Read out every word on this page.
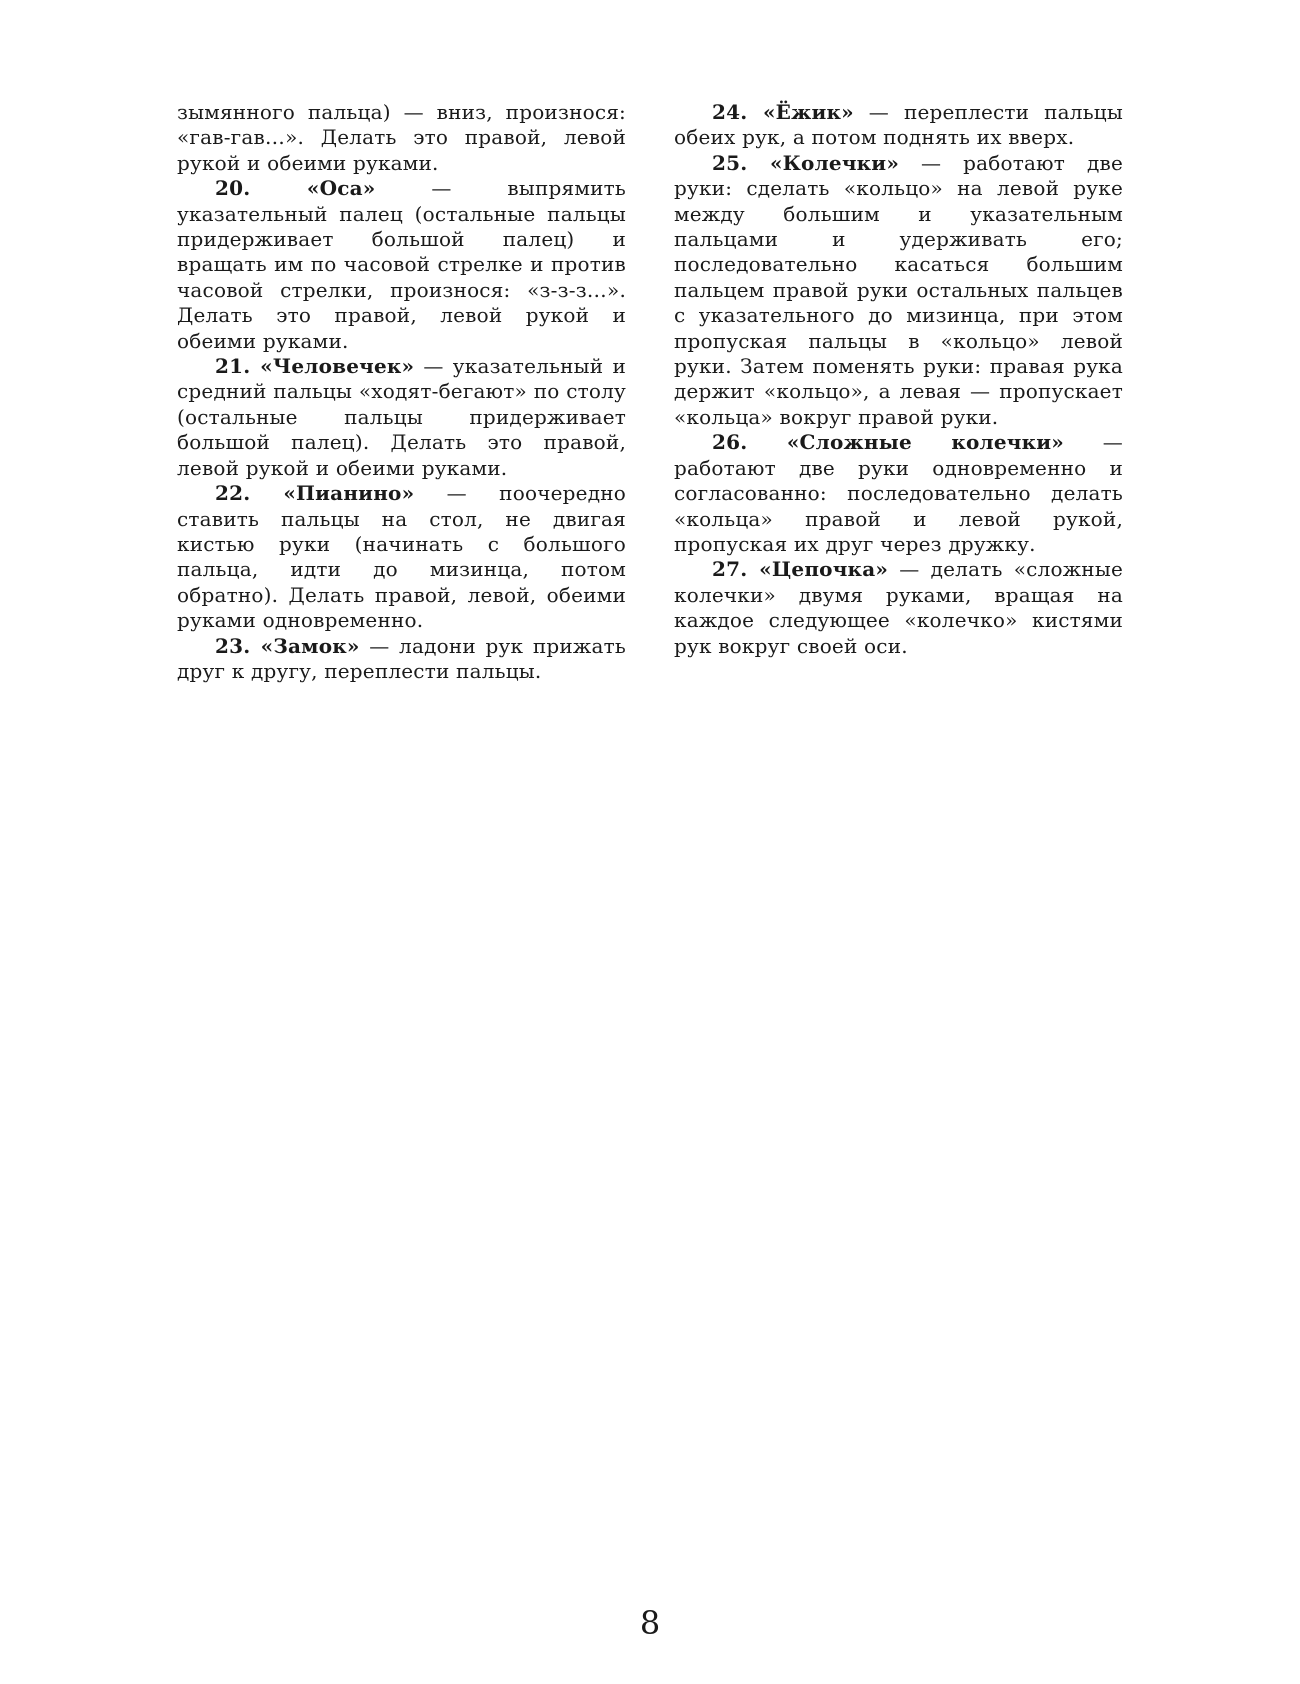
зымянного пальца) — вниз, произнося: «гав-гав…». Делать это правой, левой рукой и обеими руками.

20. «Оса» — выпрямить указательный палец (остальные пальцы придерживает большой палец) и вращать им по часовой стрелке и против часовой стрелки, произнося: «з-з-з…». Делать это правой, левой рукой и обеими руками.

21. «Человечек» — указательный и средний пальцы «ходят-бегают» по столу (остальные пальцы придерживает большой палец). Делать это правой, левой рукой и обеими руками.

22. «Пианино» — поочередно ставить пальцы на стол, не двигая кистью руки (начинать с большого пальца, идти до мизинца, потом обратно). Делать правой, левой, обеими руками одновременно.

23. «Замок» — ладони рук прижать друг к другу, переплести пальцы.

24. «Ёжик» — переплести пальцы обеих рук, а потом поднять их вверх.

25. «Колечки» — работают две руки: сделать «кольцо» на левой руке между большим и указательным пальцами и удерживать его; последовательно касаться большим пальцем правой руки остальных пальцев с указательного до мизинца, при этом пропуская пальцы в «кольцо» левой руки. Затем поменять руки: правая рука держит «кольцо», а левая — пропускает «кольца» вокруг правой руки.

26. «Сложные колечки» — работают две руки одновременно и согласованно: последовательно делать «кольца» правой и левой рукой, пропуская их друг через дружку.

27. «Цепочка» — делать «сложные колечки» двумя руками, вращая на каждое следующее «колечко» кистями рук вокруг своей оси.

8
